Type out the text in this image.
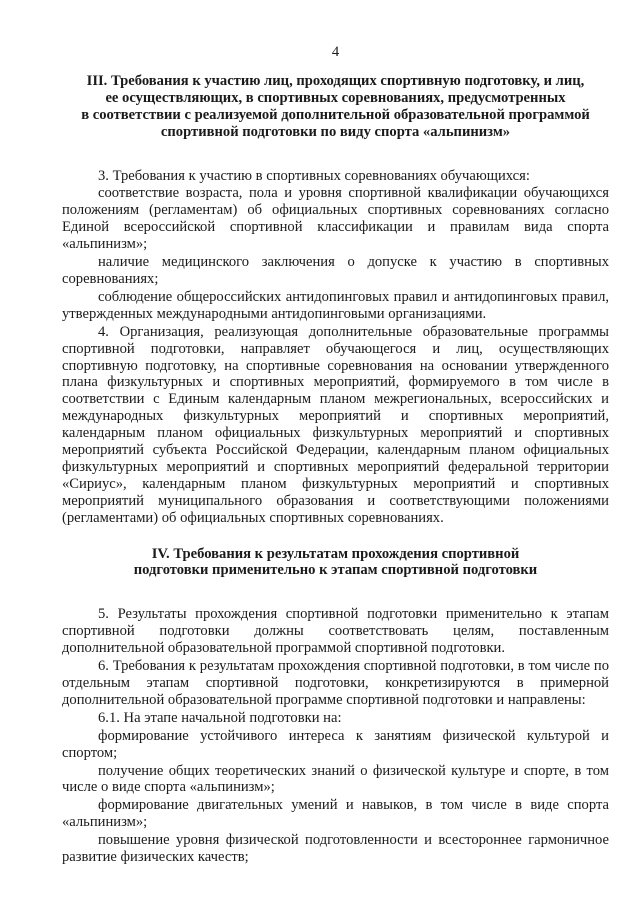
4
III. Требования к участию лиц, проходящих спортивную подготовку, и лиц,
ее осуществляющих, в спортивных соревнованиях, предусмотренных
в соответствии с реализуемой дополнительной образовательной программой
спортивной подготовки по виду спорта «альпинизм»

3. Требования к участию в спортивных соревнованиях обучающихся:

соответствие возраста, пола и уровня спортивной квалификации обучающихся положениям (регламентам) об официальных спортивных соревнованиях согласно Единой всероссийской спортивной классификации и правилам вида спорта «альпинизм»;

наличие медицинского заключения о допуске к участию в спортивных соревнованиях;

соблюдение общероссийских антидопинговых правил и антидопинговых правил, утвержденных международными антидопинговыми организациями.

4. Организация, реализующая дополнительные образовательные программы спортивной подготовки, направляет обучающегося и лиц, осуществляющих спортивную подготовку, на спортивные соревнования на основании утвержденного плана физкультурных и спортивных мероприятий, формируемого в том числе в соответствии с Единым календарным планом межрегиональных, всероссийских и международных физкультурных мероприятий и спортивных мероприятий, календарным планом официальных физкультурных мероприятий и спортивных мероприятий субъекта Российской Федерации, календарным планом официальных физкультурных мероприятий и спортивных мероприятий федеральной территории «Сириус», календарным планом физкультурных мероприятий и спортивных мероприятий муниципального образования и соответствующими положениями (регламентами) об официальных спортивных соревнованиях.

IV. Требования к результатам прохождения спортивной
подготовки применительно к этапам спортивной подготовки

5. Результаты прохождения спортивной подготовки применительно к этапам спортивной подготовки должны соответствовать целям, поставленным дополнительной образовательной программой спортивной подготовки.

6. Требования к результатам прохождения спортивной подготовки, в том числе по отдельным этапам спортивной подготовки, конкретизируются в примерной дополнительной образовательной программе спортивной подготовки и направлены:

6.1. На этапе начальной подготовки на:

формирование устойчивого интереса к занятиям физической культурой и спортом;

получение общих теоретических знаний о физической культуре и спорте, в том числе о виде спорта «альпинизм»;

формирование двигательных умений и навыков, в том числе в виде спорта «альпинизм»;

повышение уровня физической подготовленности и всестороннее гармоничное развитие физических качеств;
